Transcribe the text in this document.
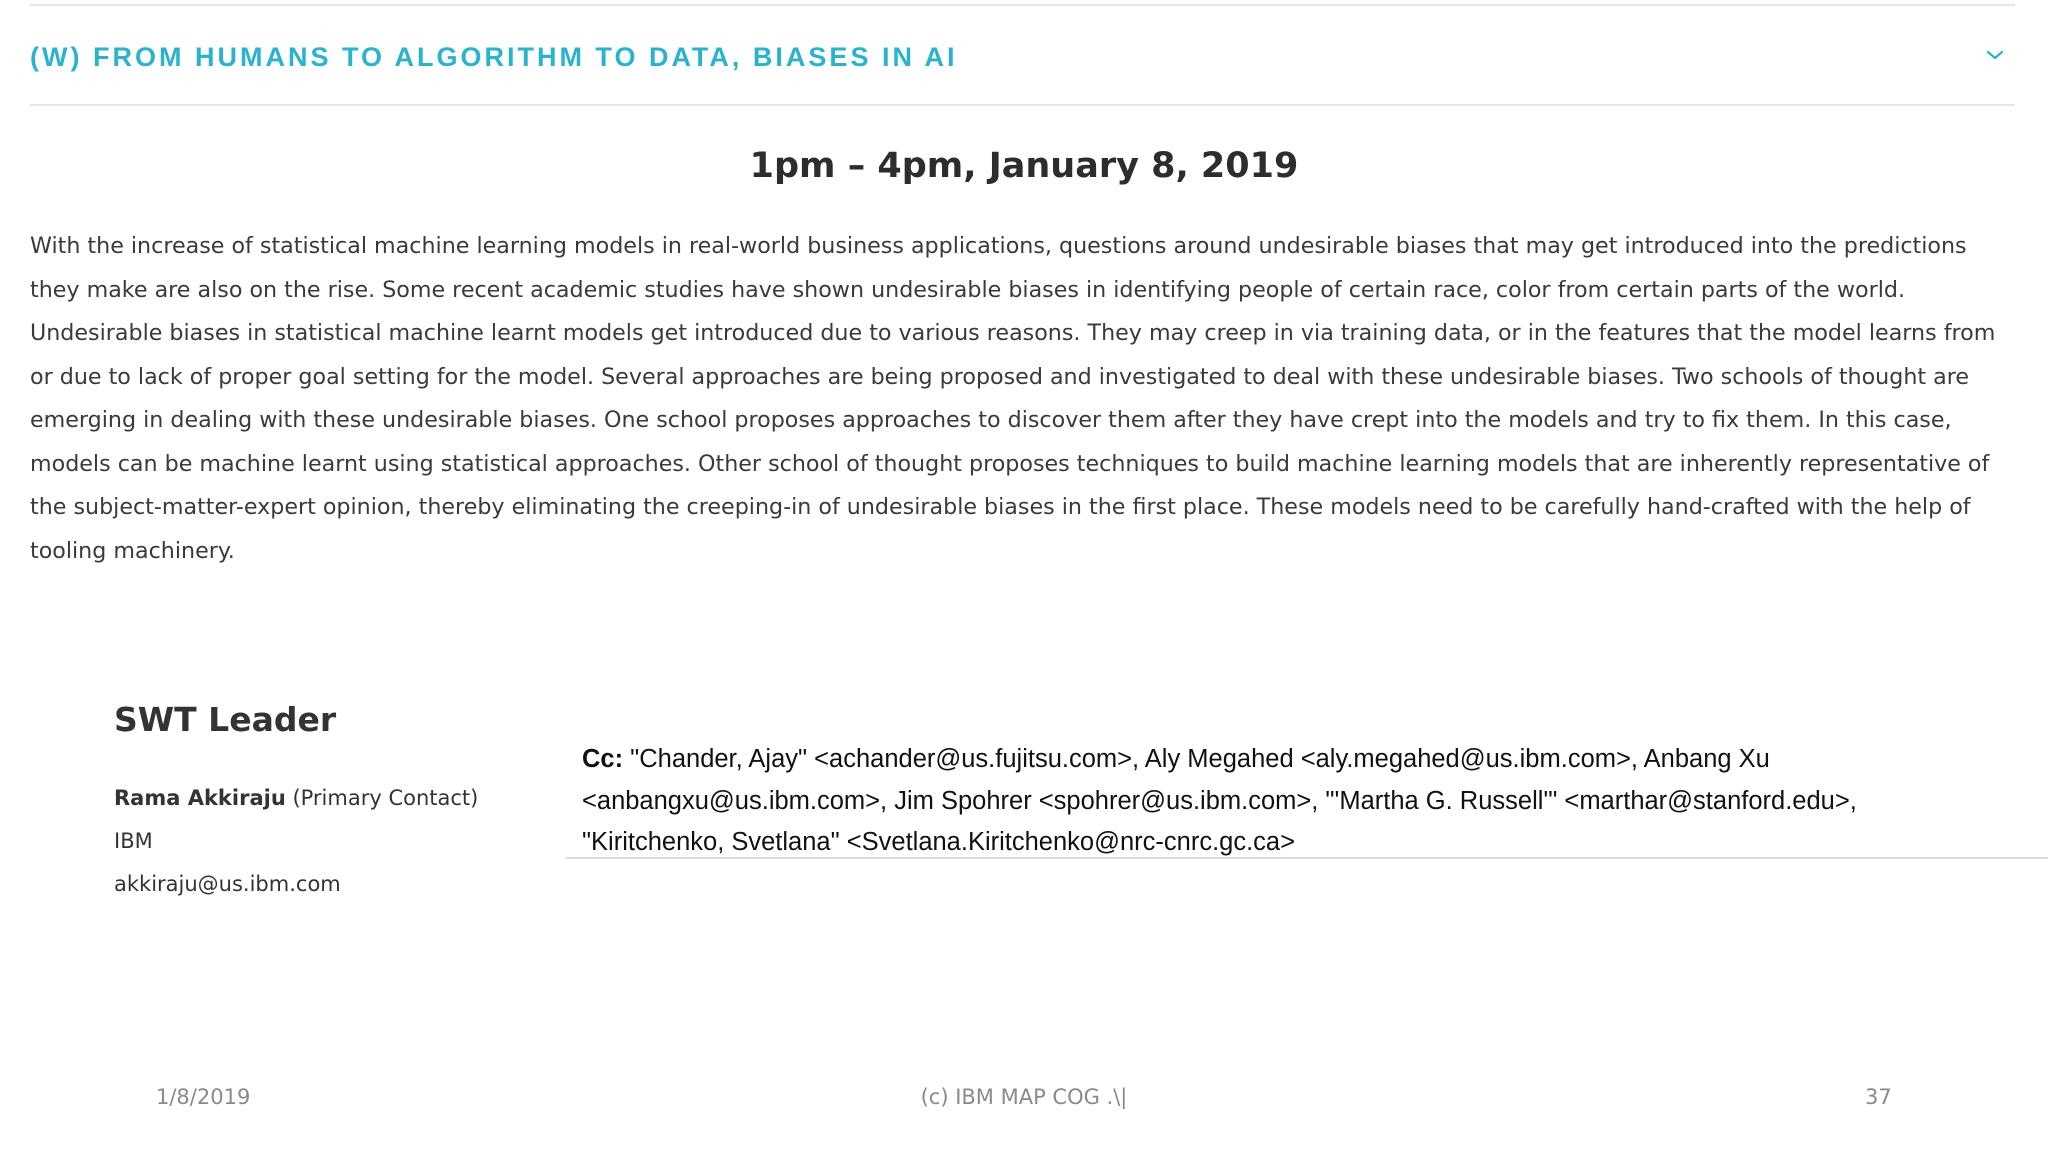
(W) FROM HUMANS TO ALGORITHM TO DATA, BIASES IN AI
1pm – 4pm, January 8, 2019
With the increase of statistical machine learning models in real-world business applications, questions around undesirable biases that may get introduced into the predictions
they make are also on the rise. Some recent academic studies have shown undesirable biases in identifying people of certain race, color from certain parts of the world.
Undesirable biases in statistical machine learnt models get introduced due to various reasons. They may creep in via training data, or in the features that the model learns from
or due to lack of proper goal setting for the model. Several approaches are being proposed and investigated to deal with these undesirable biases. Two schools of thought are
emerging in dealing with these undesirable biases. One school proposes approaches to discover them after they have crept into the models and try to fix them. In this case,
models can be machine learnt using statistical approaches. Other school of thought proposes techniques to build machine learning models that are inherently representative of
the subject-matter-expert opinion, thereby eliminating the creeping-in of undesirable biases in the first place. These models need to be carefully hand-crafted with the help of
tooling machinery.
SWT Leader
Rama Akkiraju (Primary Contact)
IBM
akkiraju@us.ibm.com
Cc: "Chander, Ajay" <achander@us.fujitsu.com>, Aly Megahed <aly.megahed@us.ibm.com>, Anbang Xu
<anbangxu@us.ibm.com>, Jim Spohrer <spohrer@us.ibm.com>, "'Martha G. Russell'" <marthar@stanford.edu>,
"Kiritchenko, Svetlana" <Svetlana.Kiritchenko@nrc-cnrc.gc.ca>
1/8/2019	(c) IBM MAP COG .\|	37
